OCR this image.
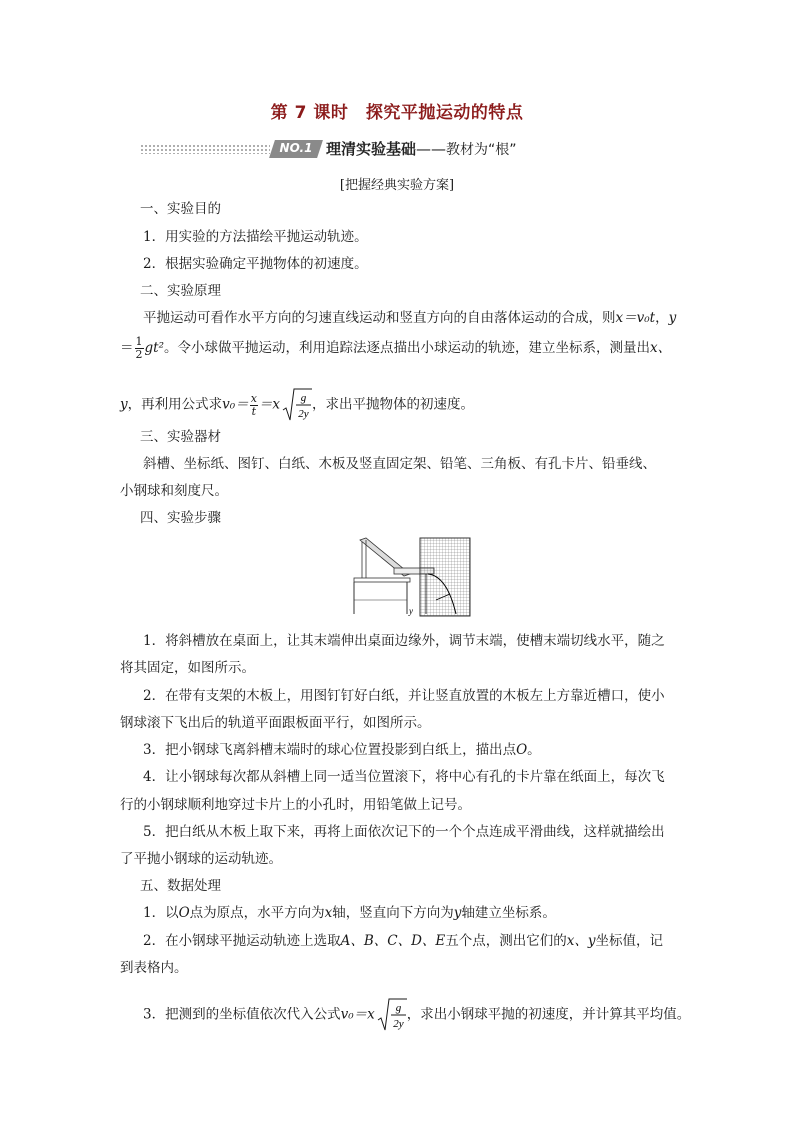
第 7 课时　探究平抛运动的特点
NO.1 理清实验基础——教材为“根”
[把握经典实验方案]
一、实验目的
1．用实验的方法描绘平抛运动轨迹。
2．根据实验确定平抛物体的初速度。
二、实验原理
平抛运动可看作水平方向的匀速直线运动和竖直方向的自由落体运动的合成，则x＝v₀t，y
＝ $\frac{1}{2} gt^2$。令小球做平抛运动，利用追踪法逐点描出小球运动的轨迹，建立坐标系，测量出x、
y，再利用公式求$v_0= \frac{x}{t} =x$ g
2y
，求出平抛物体的初速度。
三、实验器材
斜槽、坐标纸、图钉、白纸、木板及竖直固定架、铅笔、三角板、有孔卡片、铅垂线、
小钢球和刻度尺。
四、实验步骤
y
1．将斜槽放在桌面上，让其末端伸出桌面边缘外，调节末端，使槽末端切线水平，随之
将其固定，如图所示。
2．在带有支架的木板上，用图钉钉好白纸，并让竖直放置的木板左上方靠近槽口，使小
钢球滚下飞出后的轨道平面跟板面平行，如图所示。
3．把小钢球飞离斜槽末端时的球心位置投影到白纸上，描出点O。
4．让小钢球每次都从斜槽上同一适当位置滚下，将中心有孔的卡片靠在纸面上，每次飞
行的小钢球顺利地穿过卡片上的小孔时，用铅笔做上记号。
5．把白纸从木板上取下来，再将上面依次记下的一个个点连成平滑曲线，这样就描绘出
了平抛小钢球的运动轨迹。
五、数据处理
1．以O点为原点，水平方向为x轴，竖直向下方向为y轴建立坐标系。
2．在小钢球平抛运动轨迹上选取A、B、C、D、E五个点，测出它们的x、y坐标值，记
到表格内。
3．把测到的坐标值依次代入公式v₀＝x g
2y
，求出小钢球平抛的初速度，并计算其平均值。
